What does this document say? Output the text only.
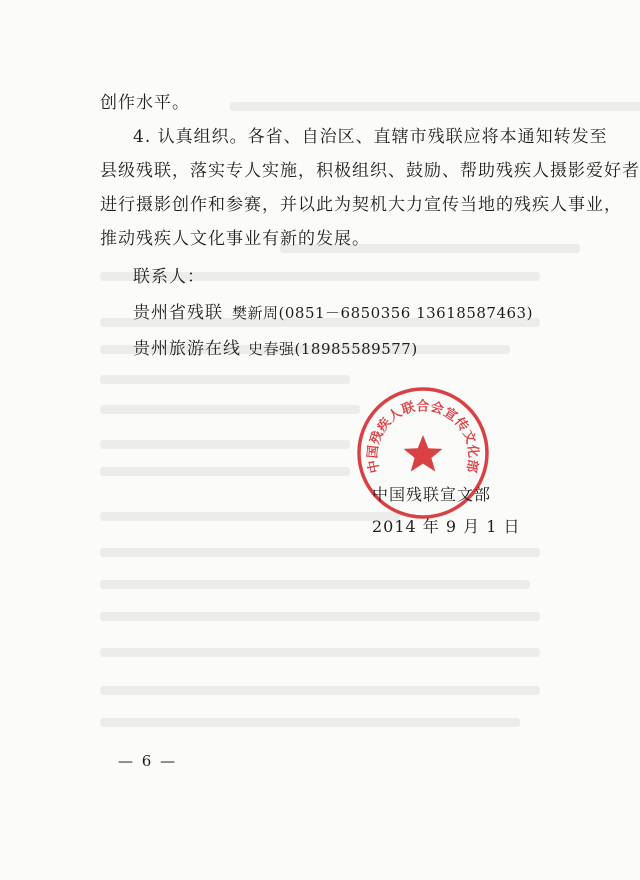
创作水平。
4. 认真组织。各省、自治区、直辖市残联应将本通知转发至
县级残联，落实专人实施，积极组织、鼓励、帮助残疾人摄影爱好者
进行摄影创作和参赛，并以此为契机大力宣传当地的残疾人事业，
推动残疾人文化事业有新的发展。
联系人：
贵州省残联 樊新周(0851－6850356 13618587463)
贵州旅游在线 史春强(18985589577)
中国残疾人联合会宣传文化部
中国残联宣文部
2014 年 9 月 1 日
— 6 —
